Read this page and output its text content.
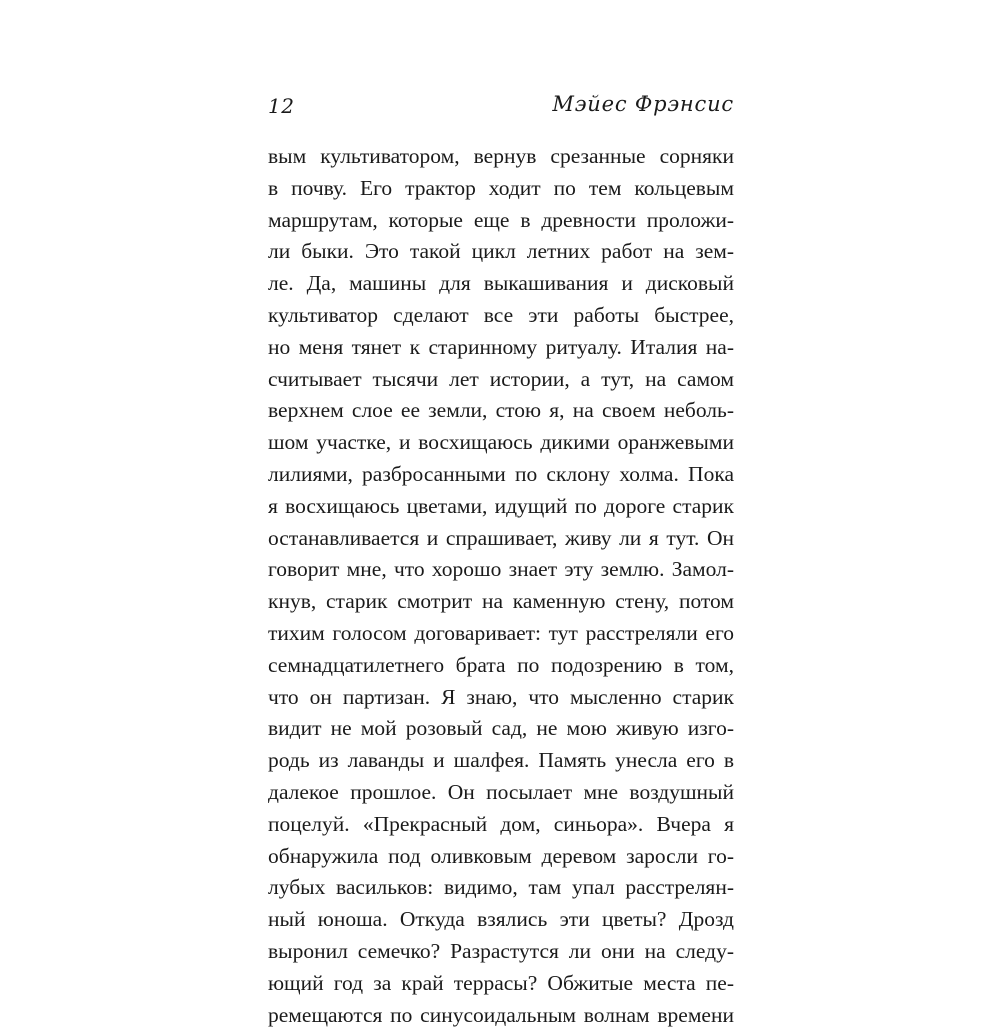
12	Мэйес Фрэнсис
вым культиватором, вернув срезанные сорняки
в почву. Его трактор ходит по тем кольцевым
маршрутам, которые еще в древности проложи-
ли быки. Это такой цикл летних работ на зем-
ле. Да, машины для выкашивания и дисковый
культиватор сделают все эти работы быстрее,
но меня тянет к старинному ритуалу. Италия на-
считывает тысячи лет истории, а тут, на самом
верхнем слое ее земли, стою я, на своем неболь-
шом участке, и восхищаюсь дикими оранжевыми
лилиями, разбросанными по склону холма. Пока
я восхищаюсь цветами, идущий по дороге старик
останавливается и спрашивает, живу ли я тут. Он
говорит мне, что хорошо знает эту землю. Замол-
кнув, старик смотрит на каменную стену, потом
тихим голосом договаривает: тут расстреляли его
семнадцатилетнего брата по подозрению в том,
что он партизан. Я знаю, что мысленно старик
видит не мой розовый сад, не мою живую изго-
родь из лаванды и шалфея. Память унесла его в
далекое прошлое. Он посылает мне воздушный
поцелуй. «Прекрасный дом, синьора». Вчера я
обнаружила под оливковым деревом заросли го-
лубых васильков: видимо, там упал расстрелян-
ный юноша. Откуда взялись эти цветы? Дрозд
выронил семечко? Разрастутся ли они на следу-
ющий год за край террасы? Обжитые места пе-
ремещаются по синусоидальным волнам времени
